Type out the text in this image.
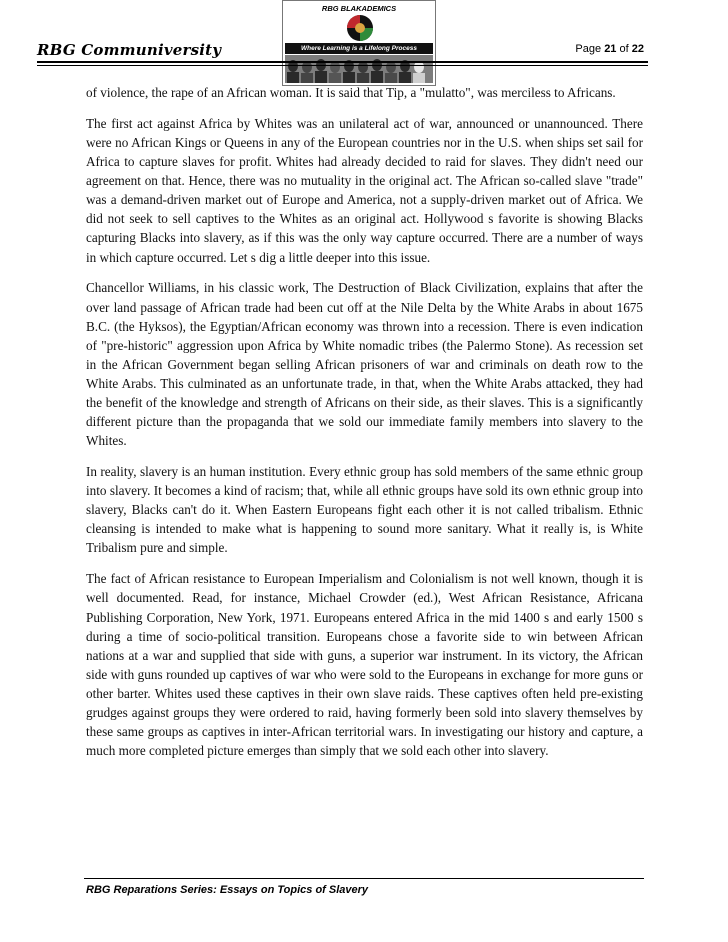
RBG Communiversity
RBG BLAKADEMICS
Where Learning is a Lifelong Process	Page 21 of 22

of violence, the rape of an African woman. It is said that Tip, a "mulatto", was merciless to Africans.

The first act against Africa by Whites was an unilateral act of war, announced or unannounced. There were no African Kings or Queens in any of the European countries nor in the U.S. when ships set sail for Africa to capture slaves for profit. Whites had already decided to raid for slaves. They didn't need our agreement on that. Hence, there was no mutuality in the original act. The African so-called slave "trade" was a demand-driven market out of Europe and America, not a supply-driven market out of Africa. We did not seek to sell captives to the Whites as an original act. Hollywood s favorite is showing Blacks capturing Blacks into slavery, as if this was the only way capture occurred. There are a number of ways in which capture occurred. Let s dig a little deeper into this issue.

Chancellor Williams, in his classic work, The Destruction of Black Civilization, explains that after the over land passage of African trade had been cut off at the Nile Delta by the White Arabs in about 1675 B.C. (the Hyksos), the Egyptian/African economy was thrown into a recession. There is even indication of "pre-historic" aggression upon Africa by White nomadic tribes (the Palermo Stone). As recession set in the African Government began selling African prisoners of war and criminals on death row to the White Arabs. This culminated as an unfortunate trade, in that, when the White Arabs attacked, they had the benefit of the knowledge and strength of Africans on their side, as their slaves. This is a significantly different picture than the propaganda that we sold our immediate family members into slavery to the Whites.

In reality, slavery is an human institution. Every ethnic group has sold members of the same ethnic group into slavery. It becomes a kind of racism; that, while all ethnic groups have sold its own ethnic group into slavery, Blacks can't do it. When Eastern Europeans fight each other it is not called tribalism. Ethnic cleansing is intended to make what is happening to sound more sanitary. What it really is, is White Tribalism pure and simple.

The fact of African resistance to European Imperialism and Colonialism is not well known, though it is well documented. Read, for instance, Michael Crowder (ed.), West African Resistance, Africana Publishing Corporation, New York, 1971. Europeans entered Africa in the mid 1400 s and early 1500 s during a time of socio-political transition. Europeans chose a favorite side to win between African nations at a war and supplied that side with guns, a superior war instrument. In its victory, the African side with guns rounded up captives of war who were sold to the Europeans in exchange for more guns or other barter. Whites used these captives in their own slave raids. These captives often held pre-existing grudges against groups they were ordered to raid, having formerly been sold into slavery themselves by these same groups as captives in inter-African territorial wars. In investigating our history and capture, a much more completed picture emerges than simply that we sold each other into slavery.

RBG Reparations Series: Essays on Topics of Slavery
